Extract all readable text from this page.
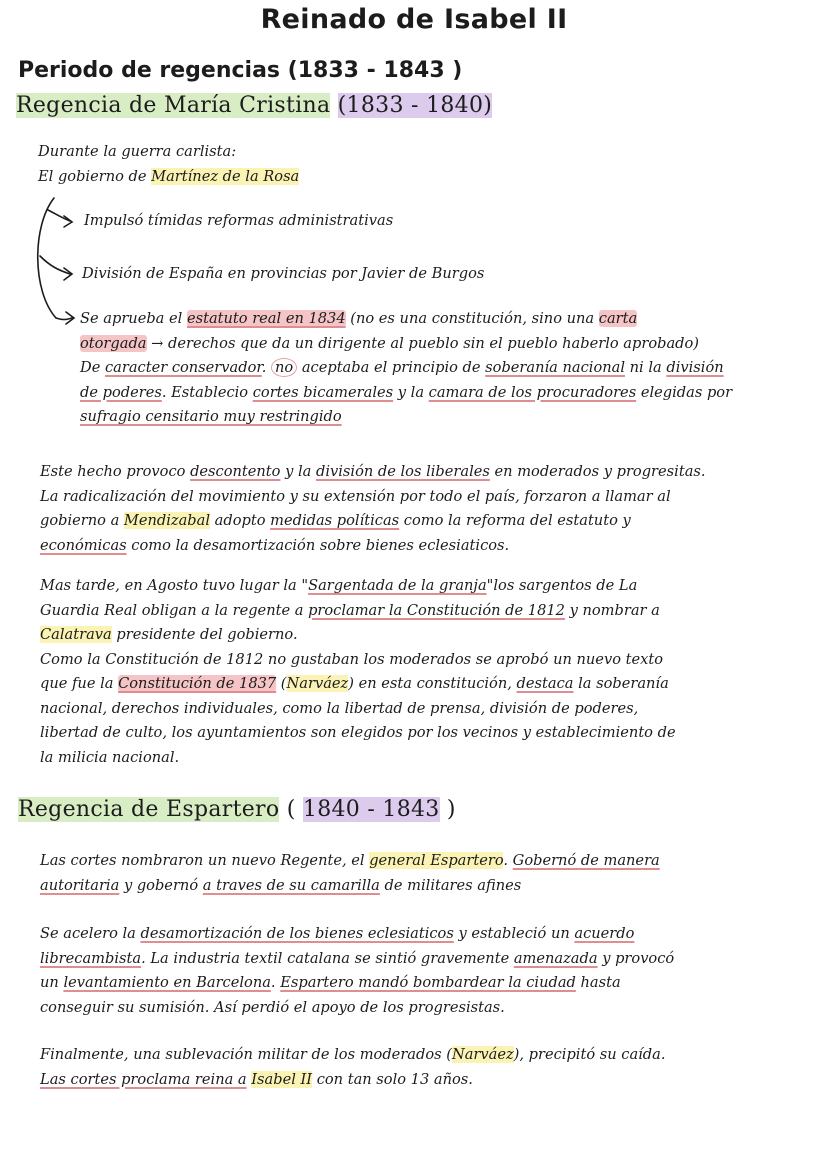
Reinado de Isabel II
Periodo de regencias (1833 - 1843 )
Regencia de María Cristina (1833 - 1840)
Durante la guerra carlista:
El gobierno de Martínez de la Rosa
Impulsó tímidas reformas administrativas
División de España en provincias por Javier de Burgos
Se aprueba el estatuto real en 1834 (no es una constitución, sino una carta
otorgada → derechos que da un dirigente al pueblo sin el pueblo haberlo aprobado)
De caracter conservador. no aceptaba el principio de soberanía nacional ni la división
de poderes. Establecio cortes bicamerales y la camara de los procuradores elegidas por
sufragio censitario muy restringido
Este hecho provoco descontento y la división de los liberales en moderados y progresitas.
La radicalización del movimiento y su extensión por todo el país, forzaron a llamar al
gobierno a Mendizabal adopto medidas políticas como la reforma del estatuto y
económicas como la desamortización sobre bienes eclesiaticos.
Mas tarde, en Agosto tuvo lugar la "Sargentada de la granja"los sargentos de La
Guardia Real obligan a la regente a proclamar la Constitución de 1812 y nombrar a
Calatrava presidente del gobierno.
Como la Constitución de 1812 no gustaban los moderados se aprobó un nuevo texto
que fue la Constitución de 1837 (Narváez) en esta constitución, destaca la soberanía
nacional, derechos individuales, como la libertad de prensa, división de poderes,
libertad de culto, los ayuntamientos son elegidos por los vecinos y establecimiento de
la milicia nacional.
Regencia de Espartero ( 1840 - 1843 )
Las cortes nombraron un nuevo Regente, el general Espartero. Gobernó de manera
autoritaria y gobernó a traves de su camarilla de militares afines
Se acelero la desamortización de los bienes eclesiaticos y estableció un acuerdo
librecambista. La industria textil catalana se sintió gravemente amenazada y provocó
un levantamiento en Barcelona. Espartero mandó bombardear la ciudad hasta
conseguir su sumisión. Así perdió el apoyo de los progresistas.
Finalmente, una sublevación militar de los moderados (Narváez), precipitó su caída.
Las cortes proclama reina a Isabel II con tan solo 13 años.
